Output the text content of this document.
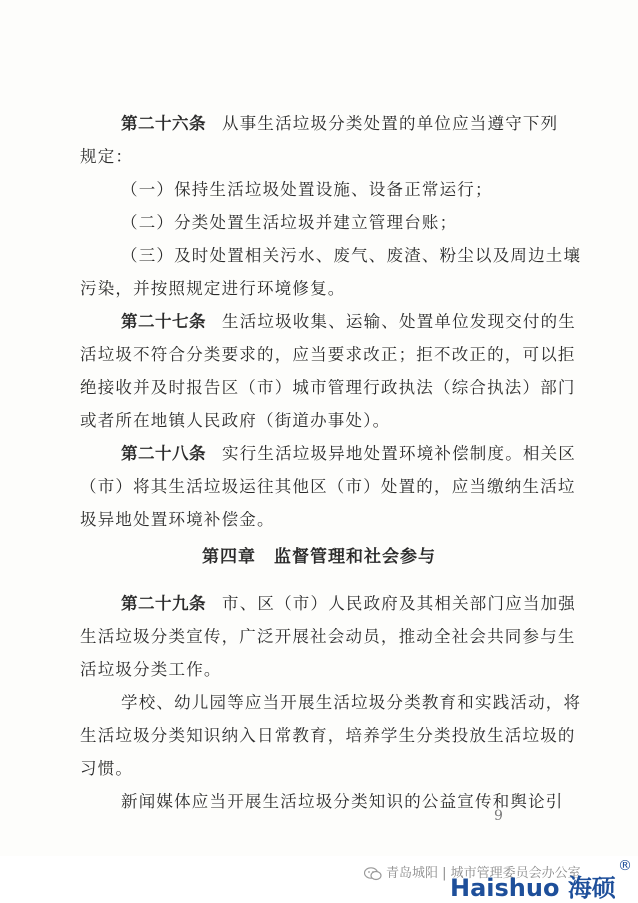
第二十六条 从事生活垃圾分类处置的单位应当遵守下列
规定：
（一）保持生活垃圾处置设施、设备正常运行；
（二）分类处置生活垃圾并建立管理台账；
（三）及时处置相关污水、废气、废渣、粉尘以及周边土壤
污染，并按照规定进行环境修复。
第二十七条 生活垃圾收集、运输、处置单位发现交付的生
活垃圾不符合分类要求的，应当要求改正；拒不改正的，可以拒
绝接收并及时报告区（市）城市管理行政执法（综合执法）部门
或者所在地镇人民政府（街道办事处）。
第二十八条 实行生活垃圾异地处置环境补偿制度。相关区
（市）将其生活垃圾运往其他区（市）处置的，应当缴纳生活垃
圾异地处置环境补偿金。
第四章　监督管理和社会参与
第二十九条 市、区（市）人民政府及其相关部门应当加强
生活垃圾分类宣传，广泛开展社会动员，推动全社会共同参与生
活垃圾分类工作。
学校、幼儿园等应当开展生活垃圾分类教育和实践活动，将
生活垃圾分类知识纳入日常教育，培养学生分类投放生活垃圾的
习惯。
新闻媒体应当开展生活垃圾分类知识的公益宣传和舆论引
9
青岛城阳 | 城市管理委员会办公室
Haishuo 海硕
®
